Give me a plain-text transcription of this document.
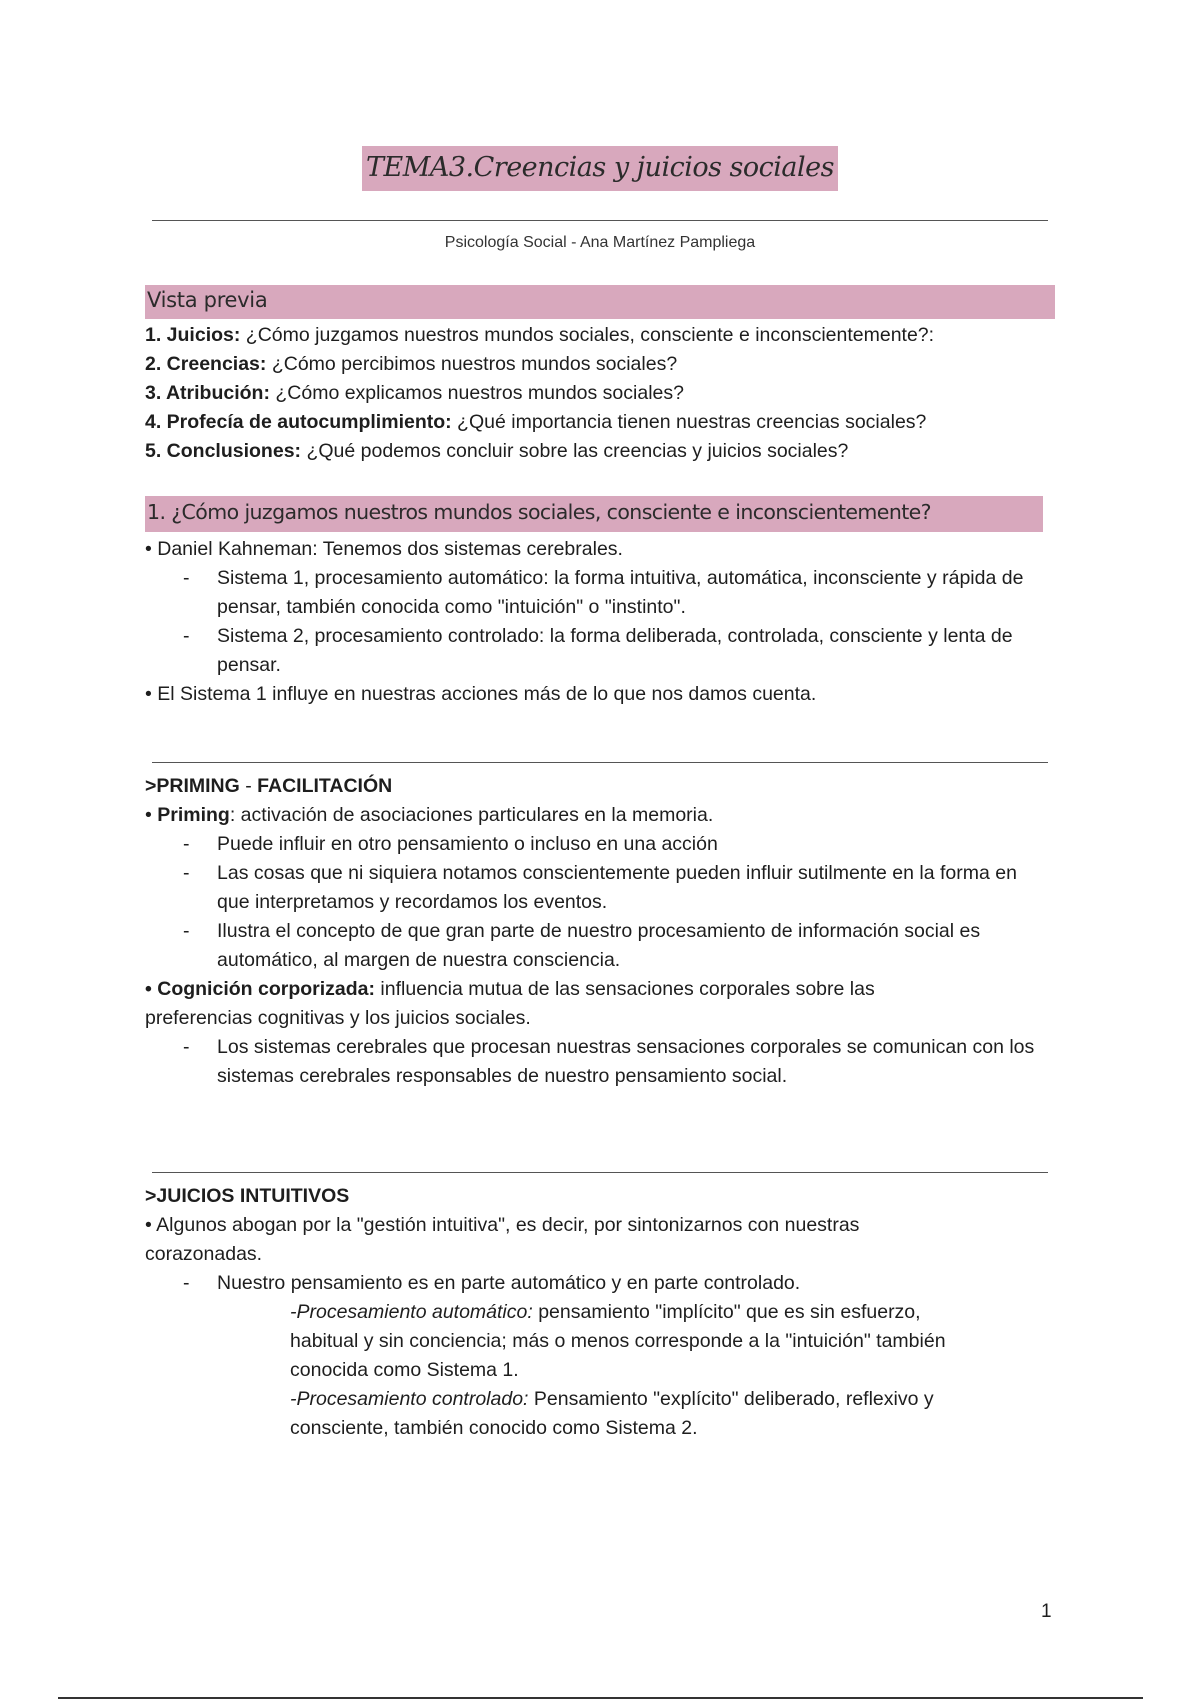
TEMA3.Creencias y juicios sociales
Psicología Social - Ana Martínez Pampliega
Vista previa

1. Juicios: ¿Cómo juzgamos nuestros mundos sociales, consciente e inconscientemente?:

2. Creencias: ¿Cómo percibimos nuestros mundos sociales?

3. Atribución: ¿Cómo explicamos nuestros mundos sociales?

4. Profecía de autocumplimiento: ¿Qué importancia tienen nuestras creencias sociales?

5. Conclusiones: ¿Qué podemos concluir sobre las creencias y juicios sociales?

1. ¿Cómo juzgamos nuestros mundos sociales, consciente e inconscientemente?

• Daniel Kahneman: Tenemos dos sistemas cerebrales.

- Sistema 1, procesamiento automático: la forma intuitiva, automática, inconsciente y rápida de pensar, también conocida como "intuición" o "instinto".

- Sistema 2, procesamiento controlado: la forma deliberada, controlada, consciente y lenta de pensar.

• El Sistema 1 influye en nuestras acciones más de lo que nos damos cuenta.

>PRIMING - FACILITACIÓN

• Priming: activación de asociaciones particulares en la memoria.

- Puede influir en otro pensamiento o incluso en una acción

- Las cosas que ni siquiera notamos conscientemente pueden influir sutilmente en la forma en que interpretamos y recordamos los eventos.

- Ilustra el concepto de que gran parte de nuestro procesamiento de información social es automático, al margen de nuestra consciencia.

• Cognición corporizada: influencia mutua de las sensaciones corporales sobre las

preferencias cognitivas y los juicios sociales.

- Los sistemas cerebrales que procesan nuestras sensaciones corporales se comunican con los sistemas cerebrales responsables de nuestro pensamiento social.

>JUICIOS INTUITIVOS

• Algunos abogan por la "gestión intuitiva", es decir, por sintonizarnos con nuestras

corazonadas.

- Nuestro pensamiento es en parte automático y en parte controlado.

-Procesamiento automático: pensamiento "implícito" que es sin esfuerzo,

habitual y sin conciencia; más o menos corresponde a la "intuición" también

conocida como Sistema 1.

-Procesamiento controlado: Pensamiento "explícito" deliberado, reflexivo y

consciente, también conocido como Sistema 2.

1
